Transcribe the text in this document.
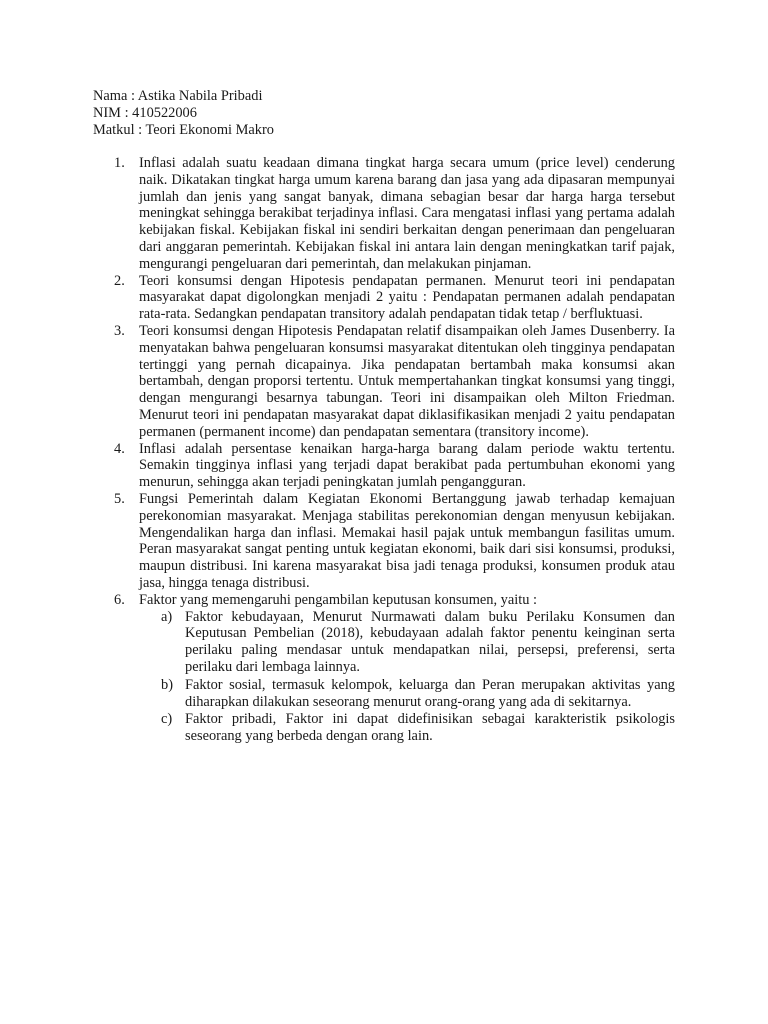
Nama : Astika Nabila Pribadi
NIM : 410522006
Matkul : Teori Ekonomi Makro
1. Inflasi adalah suatu keadaan dimana tingkat harga secara umum (price level) cenderung naik. Dikatakan tingkat harga umum karena barang dan jasa yang ada dipasaran mempunyai jumlah dan jenis yang sangat banyak, dimana sebagian besar dar harga harga tersebut meningkat sehingga berakibat terjadinya inflasi. Cara mengatasi inflasi yang pertama adalah kebijakan fiskal. Kebijakan fiskal ini sendiri berkaitan dengan penerimaan dan pengeluaran dari anggaran pemerintah. Kebijakan fiskal ini antara lain dengan meningkatkan tarif pajak, mengurangi pengeluaran dari pemerintah, dan melakukan pinjaman.
2. Teori konsumsi dengan Hipotesis pendapatan permanen. Menurut teori ini pendapatan masyarakat dapat digolongkan menjadi 2 yaitu : Pendapatan permanen adalah pendapatan rata-rata. Sedangkan pendapatan transitory adalah pendapatan tidak tetap / berfluktuasi.
3. Teori konsumsi dengan Hipotesis Pendapatan relatif disampaikan oleh James Dusenberry. Ia menyatakan bahwa pengeluaran konsumsi masyarakat ditentukan oleh tingginya pendapatan tertinggi yang pernah dicapainya. Jika pendapatan bertambah maka konsumsi akan bertambah, dengan proporsi tertentu. Untuk mempertahankan tingkat konsumsi yang tinggi, dengan mengurangi besarnya tabungan. Teori ini disampaikan oleh Milton Friedman. Menurut teori ini pendapatan masyarakat dapat diklasifikasikan menjadi 2 yaitu pendapatan permanen (permanent income) dan pendapatan sementara (transitory income).
4. Inflasi adalah persentase kenaikan harga-harga barang dalam periode waktu tertentu. Semakin tingginya inflasi yang terjadi dapat berakibat pada pertumbuhan ekonomi yang menurun, sehingga akan terjadi peningkatan jumlah pengangguran.
5. Fungsi Pemerintah dalam Kegiatan Ekonomi Bertanggung jawab terhadap kemajuan perekonomian masyarakat. Menjaga stabilitas perekonomian dengan menyusun kebijakan. Mengendalikan harga dan inflasi. Memakai hasil pajak untuk membangun fasilitas umum. Peran masyarakat sangat penting untuk kegiatan ekonomi, baik dari sisi konsumsi, produksi, maupun distribusi. Ini karena masyarakat bisa jadi tenaga produksi, konsumen produk atau jasa, hingga tenaga distribusi.
6. Faktor yang memengaruhi pengambilan keputusan konsumen, yaitu :
a) Faktor kebudayaan, Menurut Nurmawati dalam buku Perilaku Konsumen dan Keputusan Pembelian (2018), kebudayaan adalah faktor penentu keinginan serta perilaku paling mendasar untuk mendapatkan nilai, persepsi, preferensi, serta perilaku dari lembaga lainnya.
b) Faktor sosial, termasuk kelompok, keluarga dan Peran merupakan aktivitas yang diharapkan dilakukan seseorang menurut orang-orang yang ada di sekitarnya.
c) Faktor pribadi, Faktor ini dapat didefinisikan sebagai karakteristik psikologis seseorang yang berbeda dengan orang lain.
